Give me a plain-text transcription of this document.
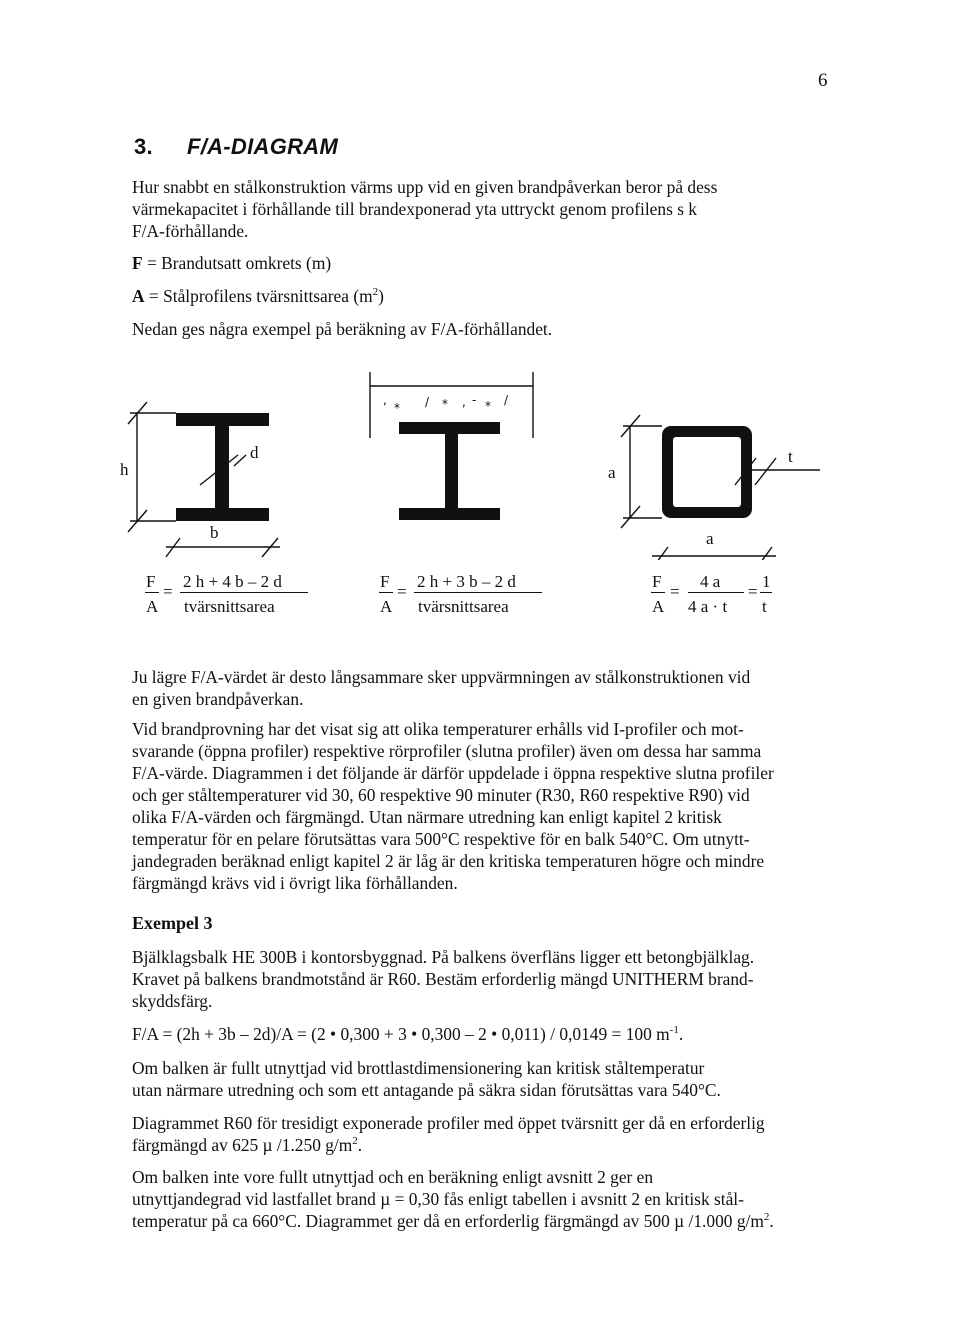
6
3. F/A-DIAGRAM

Hur snabbt en stålkonstruktion värms upp vid en given brandpåverkan beror på dess
värmekapacitet i förhållande till brandexponerad yta uttryckt genom profilens s k
F/A-förhållande.

F = Brandutsatt omkrets (m)

A = Stålprofilens tvärsnittsarea $(m^2)$

Nedan ges några exempel på beräkning av F/A-förhållandet.

,
* / * , - * /
h
d
b
a
a
t
F
A
=
2 h + 4 b – 2 d
tvärsnittsarea
F
A
=
2 h + 3 b – 2 d
tvärsnittsarea
F
A
=
4 a
4 a · t
=
1
t

Ju lägre F/A-värdet är desto långsammare sker uppvärmningen av stålkonstruktionen vid
en given brandpåverkan.

Vid brandprovning har det visat sig att olika temperaturer erhålls vid I-profiler och mot-
svarande (öppna profiler) respektive rörprofiler (slutna profiler) även om dessa har samma
F/A-värde. Diagrammen i det följande är därför uppdelade i öppna respektive slutna profiler
och ger ståltemperaturer vid 30, 60 respektive 90 minuter (R30, R60 respektive R90) vid
olika F/A-värden och färgmängd. Utan närmare utredning kan enligt kapitel 2 kritisk
temperatur för en pelare förutsättas vara 500°C respektive för en balk 540°C. Om utnytt-
jandegraden beräknad enligt kapitel 2 är låg är den kritiska temperaturen högre och mindre
färgmängd krävs vid i övrigt lika förhållanden.

Exempel 3

Bjälklagsbalk HE 300B i kontorsbyggnad. På balkens överfläns ligger ett betongbjälklag.
Kravet på balkens brandmotstånd är R60. Bestäm erforderlig mängd UNITHERM brand-
skyddsfärg.

F/A = (2h + 3b – 2d)/A = (2 • 0,300 + 3 • 0,300 – 2 • 0,011) / 0,0149 = 100 $m^{-1}$.

Om balken är fullt utnyttjad vid brottlastdimensionering kan kritisk ståltemperatur
utan närmare utredning och som ett antagande på säkra sidan förutsättas vara 540°C.

Diagrammet R60 för tresidigt exponerade profiler med öppet tvärsnitt ger då en erforderlig
färgmängd av 625 µ /1.250 $g/m^2$.

Om balken inte vore fullt utnyttjad och en beräkning enligt avsnitt 2 ger en
utnyttjandegrad vid lastfallet brand µ = 0,30 fås enligt tabellen i avsnitt 2 en kritisk stål-
temperatur på ca 660°C. Diagrammet ger då en erforderlig färgmängd av 500 µ /1.000 $g/m^2$.
